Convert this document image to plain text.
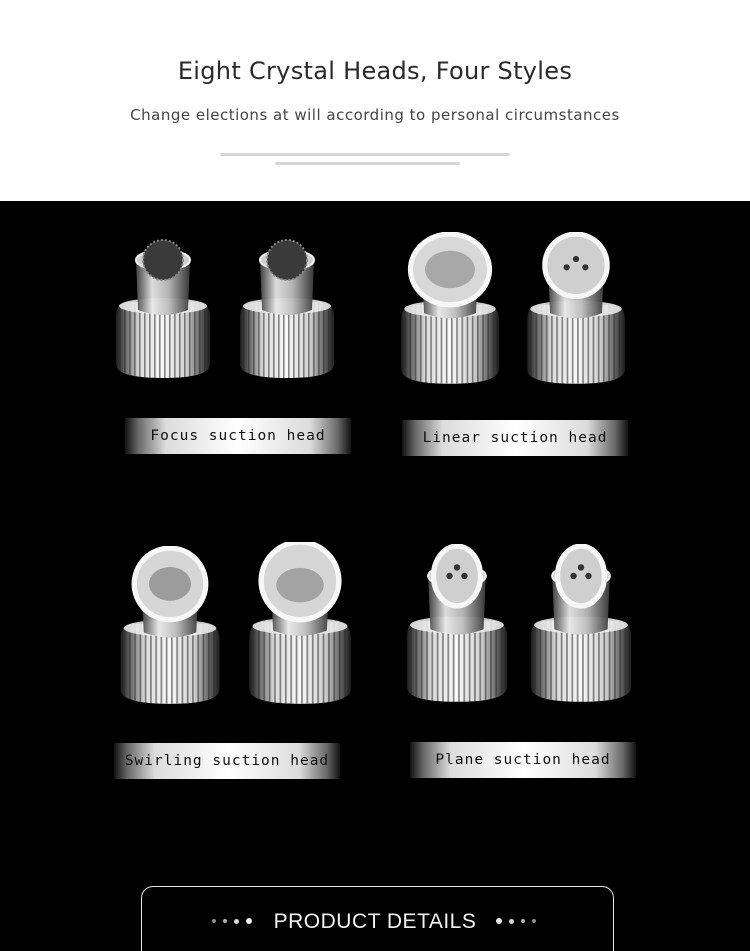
Eight Crystal Heads, Four Styles
Change elections at will according to personal circumstances
Focus suction head	Linear suction head
Swirling suction head	Plane suction head
PRODUCT DETAILS
